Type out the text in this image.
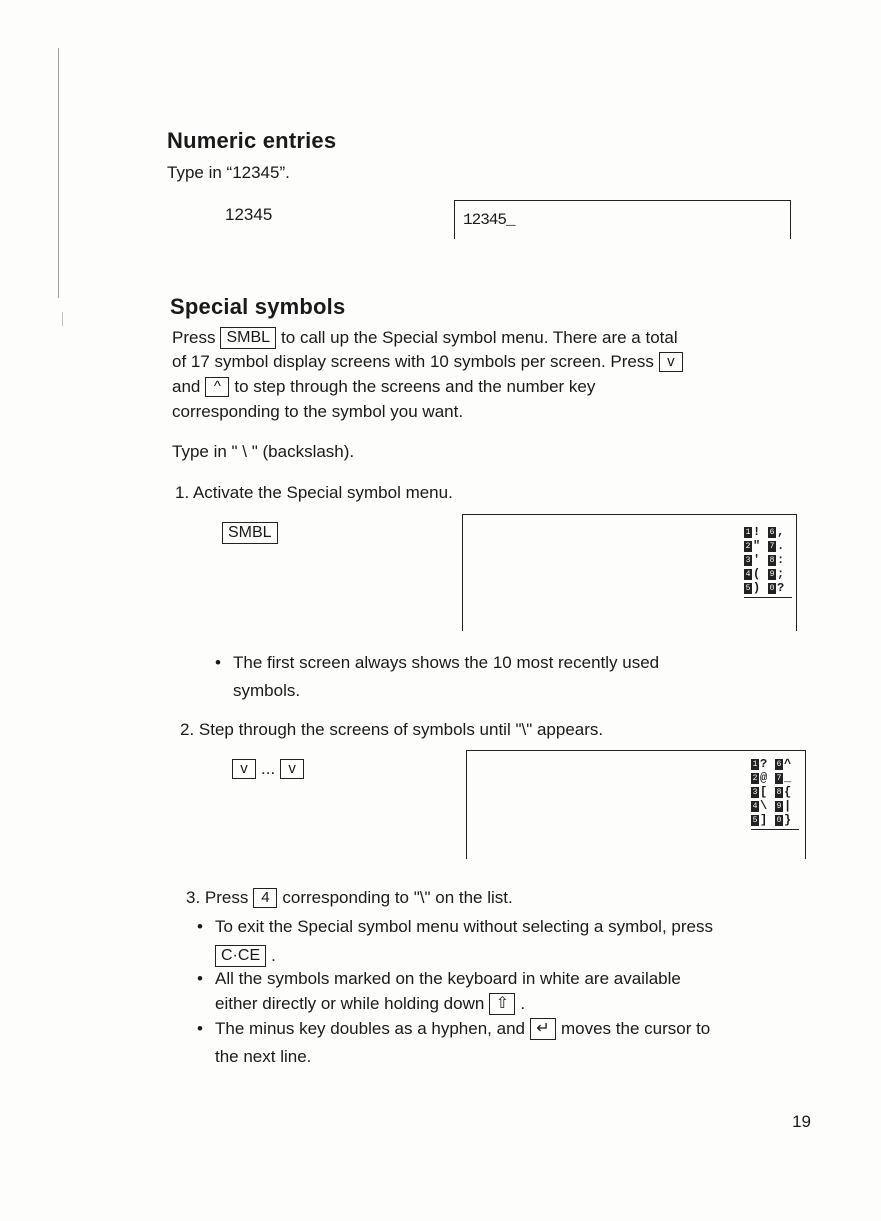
Numeric entries

Type in “12345”.

12345	12345_
Special symbols

Press SMBL to call up the Special symbol menu. There are a total

of 17 symbol display screens with 10 symbols per screen. Press v

and ^ to step through the screens and the number key

corresponding to the symbol you want.

Type in " \ " (backslash).

1. Activate the Special symbol menu.

SMBL	1 ! 6 ,
2 " 7 .
3 ' 8 :
4 ( 9 ;
5 ) 0 ?

• The first screen always shows the 10 most recently used

symbols.

2. Step through the screens of symbols until "\" appears.

v ... v	1 ? 6 ^
2 @ 7 _
3 [ 8 {
4 \ 9 |
5 ] 0 }

3. Press 4 corresponding to "\" on the list.

• To exit the Special symbol menu without selecting a symbol, press

C·CE .

• All the symbols marked on the keyboard in white are available

either directly or while holding down ⇧ .

• The minus key doubles as a hyphen, and ↵ moves the cursor to

the next line.

19
